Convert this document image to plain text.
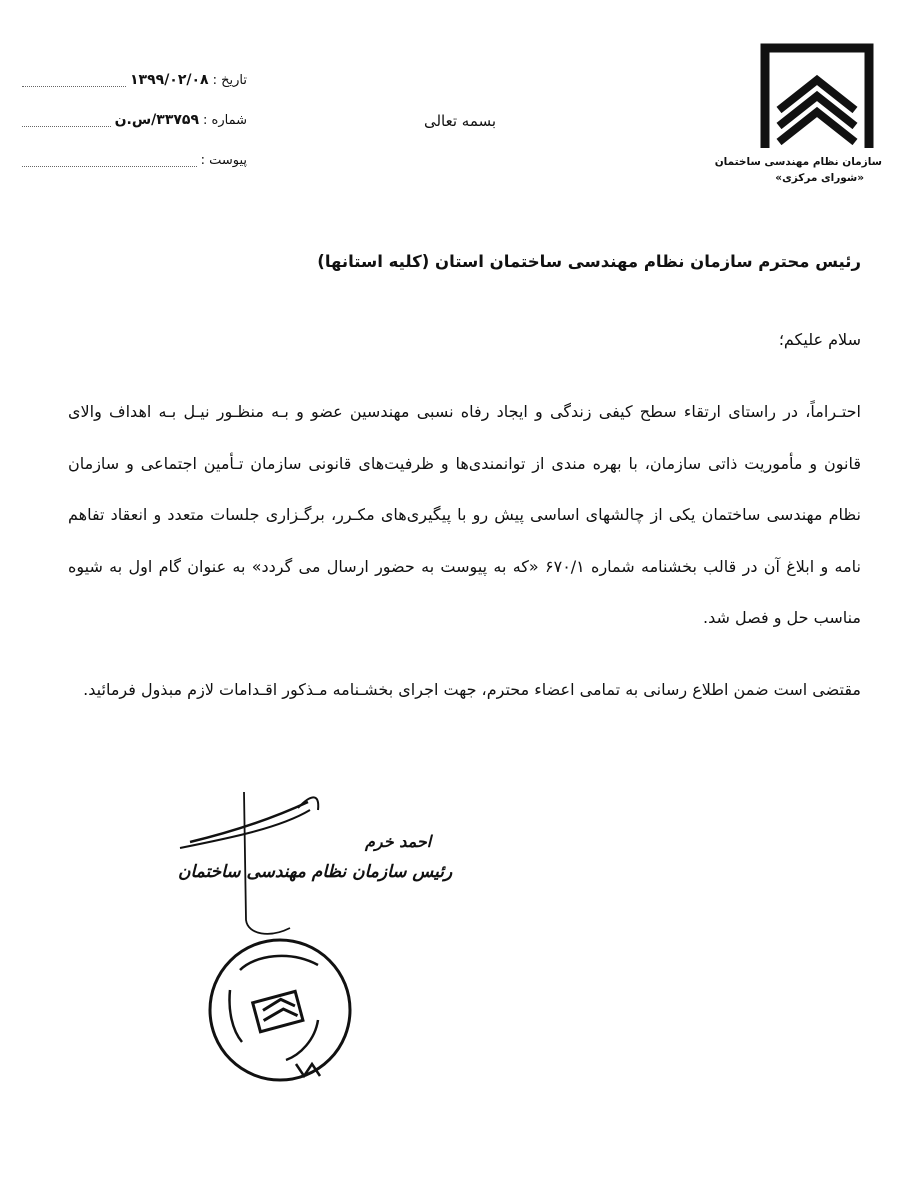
سازمان نظام مهندسی ساختمان
«شورای مرکزی»
بسمه تعالی
تاریخ :
۱۳۹۹/۰۲/۰۸
شماره :
۳۳۷۵۹/س.ن
پیوست :
رئیس محترم سازمان نظام مهندسی ساختمان استان (کلیه استانها)
سلام علیکم؛
احتـراماً، در راستای ارتقاء سطح کیفی زندگی و ایجاد رفاه نسبی مهندسین عضو و بـه منظـور نیـل بـه اهداف والای قانون و مأموریت ذاتی سازمان، با بهره مندی از توانمندی‌ها و ظرفیت‌های قانونی سازمان تـأمین اجتماعی و سازمان نظام مهندسی ساختمان یکی از چالشهای اساسی پیش رو با پیگیری‌های مکـرر، برگـزاری جلسات متعدد و انعقاد تفاهم نامه و ابلاغ آن در قالب بخشنامه شماره ۶۷۰/۱ «که به پیوست به حضور ارسال می گردد» به عنوان گام اول به شیوه مناسب حل و فصل شد.
مقتضی است ضمن اطلاع رسانی به تمامی اعضاء محترم، جهت اجرای بخشـنامه مـذکور اقـدامات لازم مبذول فرمائید.
احمد خرم
رئیس سازمان نظام مهندسی ساختمان
